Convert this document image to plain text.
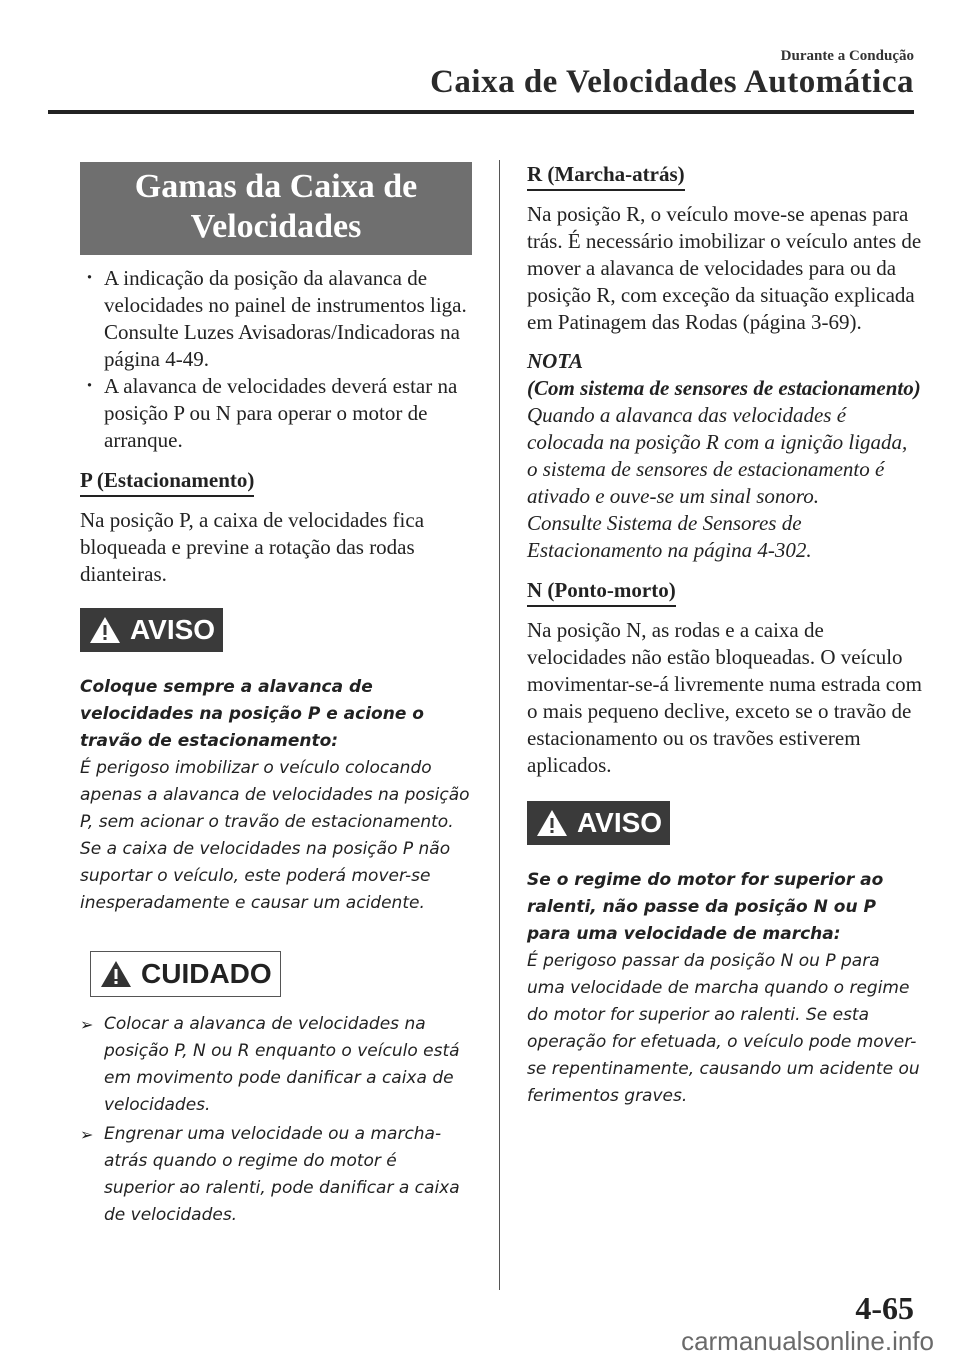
Durante a Condução
Caixa de Velocidades Automática
Gamas da Caixa de
Velocidades
· A indicação da posição da alavanca de velocidades no painel de instrumentos liga.
Consulte Luzes Avisadoras/Indicadoras na página 4-49.
· A alavanca de velocidades deverá estar na posição P ou N para operar o motor de arranque.
P (Estacionamento)

Na posição P, a caixa de velocidades fica bloqueada e previne a rotação das rodas dianteiras.

AVISO
Coloque sempre a alavanca de velocidades na posição P e acione o travão de estacionamento:
É perigoso imobilizar o veículo colocando apenas a alavanca de velocidades na posição P, sem acionar o travão de estacionamento. Se a caixa de velocidades na posição P não suportar o veículo, este poderá mover-se inesperadamente e causar um acidente.
CUIDADO
➢ Colocar a alavanca de velocidades na posição P, N ou R enquanto o veículo está em movimento pode danificar a caixa de velocidades.
➢ Engrenar uma velocidade ou a marcha-atrás quando o regime do motor é superior ao ralenti, pode danificar a caixa de velocidades.
R (Marcha-atrás)

Na posição R, o veículo move-se apenas para trás. É necessário imobilizar o veículo antes de mover a alavanca de velocidades para ou da posição R, com exceção da situação explicada em Patinagem das Rodas (página 3-69).

NOTA
(Com sistema de sensores de estacionamento)
Quando a alavanca das velocidades é colocada na posição R com a ignição ligada, o sistema de sensores de estacionamento é ativado e ouve-se um sinal sonoro.
Consulte Sistema de Sensores de Estacionamento na página 4-302.
N (Ponto-morto)

Na posição N, as rodas e a caixa de velocidades não estão bloqueadas. O veículo movimentar-se-á livremente numa estrada com o mais pequeno declive, exceto se o travão de estacionamento ou os travões estiverem aplicados.

AVISO
Se o regime do motor for superior ao ralenti, não passe da posição N ou P para uma velocidade de marcha:
É perigoso passar da posição N ou P para uma velocidade de marcha quando o regime do motor for superior ao ralenti. Se esta operação for efetuada, o veículo pode mover-se repentinamente, causando um acidente ou ferimentos graves.
4-65
carmanualsonline.info
